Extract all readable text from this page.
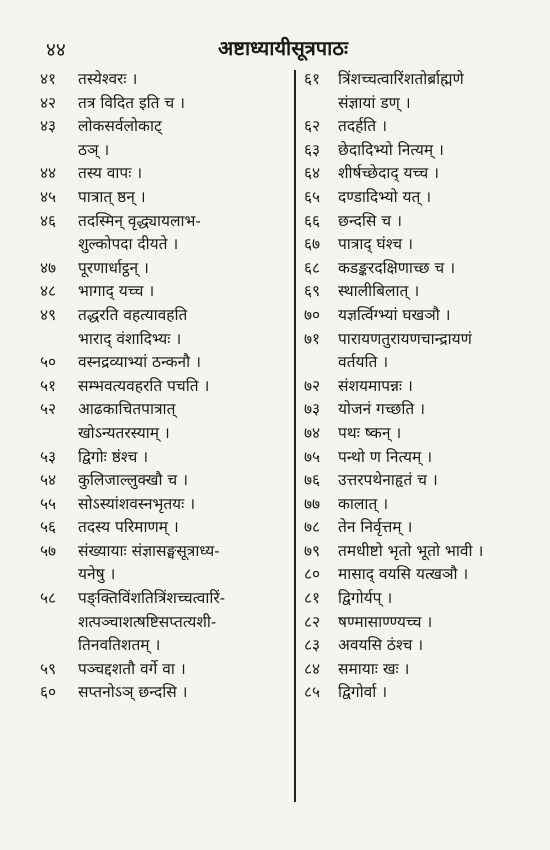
४४	अष्टाध्यायीसूत्रपाठः
४१	तस्येश्वरः ।
४२	तत्र विदित इति च ।
४३	लोकसर्वलोकाट्
ठञ् ।
४४	तस्य वापः ।
४५	पात्रात् ष्ठन् ।
४६	तदस्मिन् वृद्ध्यायलाभ-
शुल्कोपदा दीयते ।
४७	पूरणार्धाट्ठन् ।
४८	भागाद् यच्च ।
४९	तद्धरति वहत्यावहति
भाराद् वंशादिभ्यः ।
५०	वस्नद्रव्याभ्यां ठन्कनौ ।
५१	सम्भवत्यवहरति पचति ।
५२	आढकाचितपात्रात्
खोऽन्यतरस्याम् ।
५३	द्विगोः ष्ठंश्च ।
५४	कुलिजाल्लुक्खौ च ।
५५	सोऽस्यांशवस्नभृतयः ।
५६	तदस्य परिमाणम् ।
५७	संख्यायाः संज्ञासङ्घसूत्राध्य-
यनेषु ।
५८	पङ्क्तिविंशतित्रिंशच्चत्वारिं-
शत्पञ्चाशत्षष्टिसप्तत्यशी-
तिनवतिशतम् ।
५९	पञ्चद्दशतौ वर्गे वा ।
६०	सप्तनोऽञ् छन्दसि ।
६१	त्रिंशच्चत्वारिंशतोर्ब्राह्मणे
संज्ञायां डण् ।
६२	तदर्हति ।
६३	छेदादिभ्यो नित्यम् ।
६४	शीर्षच्छेदाद् यच्च ।
६५	दण्डादिभ्यो यत् ।
६६	छन्दसि च ।
६७	पात्राद् घंश्च ।
६८	कडङ्करदक्षिणाच्छ च ।
६९	स्थालीबिलात् ।
७०	यज्ञर्त्विग्भ्यां घखञौ ।
७१	पारायणतुरायणचान्द्रायणं
वर्तयति ।
७२	संशयमापन्नः ।
७३	योजनं गच्छति ।
७४	पथः ष्कन् ।
७५	पन्थो ण नित्यम् ।
७६	उत्तरपथेनाहृतं च ।
७७	कालात् ।
७८	तेन निर्वृत्तम् ।
७९	तमधीष्टो भृतो भूतो भावी ।
८०	मासाद् वयसि यत्खञौ ।
८१	द्विगोर्यप् ।
८२	षण्मासाण्ण्यच्च ।
८३	अवयसि ठंश्च ।
८४	समायाः खः ।
८५	द्विगोर्वा ।
